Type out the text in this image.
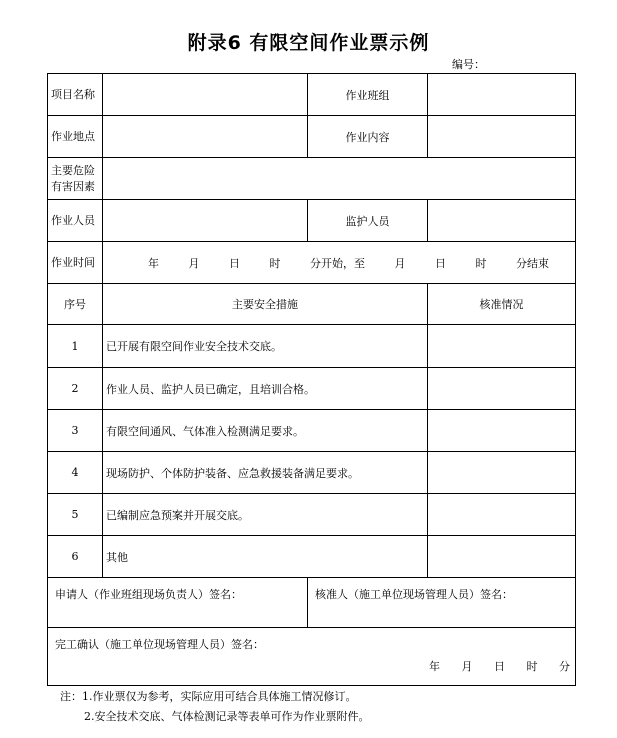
附录6 有限空间作业票示例
编号：
项目名称		作业班组	
作业地点		作业内容	

主要危险
有害因素			

作业人员		监护人员	
作业时间	年 月 日 时 分开始，至 月 日 时 分结束		
序号	主要安全措施		核准情况
1	已开展有限空间作业安全技术交底。		
2	作业人员、监护人员已确定，且培训合格。		
3	有限空间通风、气体准入检测满足要求。		
4	现场防护、个体防护装备、应急救援装备满足要求。		
5	已编制应急预案并开展交底。		
6	其他		
申请人（作业班组现场负责人）签名：		核准人（施工单位现场管理人员）签名：	

完工确认（施工单位现场管理人员）签名：
年 月 日 时 分			
注：1.作业票仅为参考，实际应用可结合具体施工情况修订。
2.安全技术交底、气体检测记录等表单可作为作业票附件。
